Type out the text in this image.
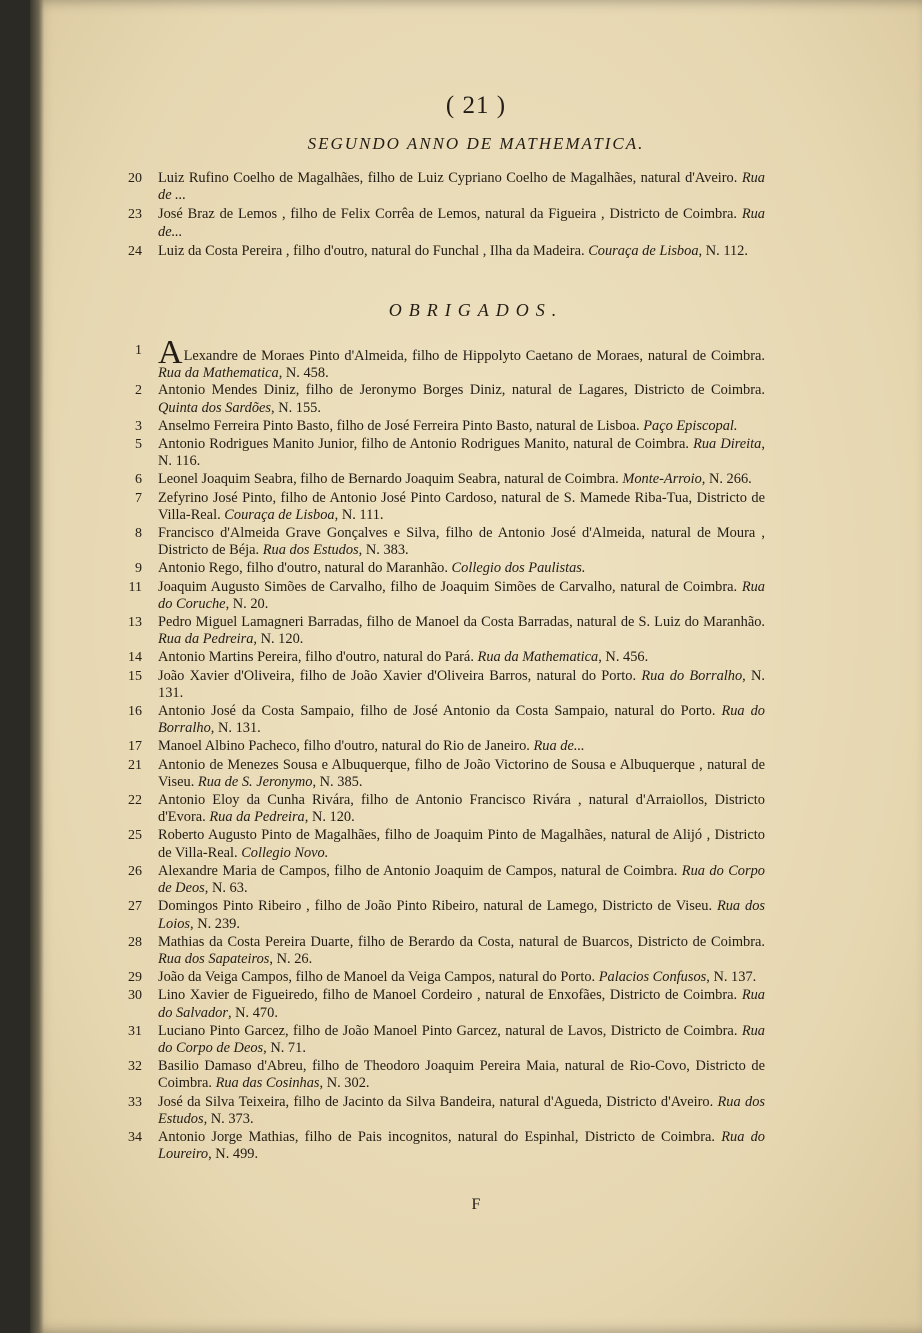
( 21 )
SEGUNDO ANNO DE MATHEMATICA.
20 Luiz Rufino Coelho de Magalhães, filho de Luiz Cypriano Coelho de Magalhães, natural d'Aveiro. Rua de ...
23 José Braz de Lemos , filho de Felix Corrêa de Lemos, natural da Figueira , Districto de Coimbra. Rua de...
24 Luiz da Costa Pereira , filho d'outro, natural do Funchal , Ilha da Madeira. Couraça de Lisboa, N. 112.
OBRIGADOS.
1 ALexandre de Moraes Pinto d'Almeida, filho de Hippolyto Caetano de Moraes, natural de Coimbra. Rua da Mathematica, N. 458.
2 Antonio Mendes Diniz, filho de Jeronymo Borges Diniz, natural de Lagares, Districto de Coimbra. Quinta dos Sardões, N. 155.
3 Anselmo Ferreira Pinto Basto, filho de José Ferreira Pinto Basto, natural de Lisboa. Paço Episcopal.
5 Antonio Rodrigues Manito Junior, filho de Antonio Rodrigues Manito, natural de Coimbra. Rua Direita, N. 116.
6 Leonel Joaquim Seabra, filho de Bernardo Joaquim Seabra, natural de Coimbra. Monte-Arroio, N. 266.
7 Zefyrino José Pinto, filho de Antonio José Pinto Cardoso, natural de S. Mamede Riba-Tua, Districto de Villa-Real. Couraça de Lisboa, N. 111.
8 Francisco d'Almeida Grave Gonçalves e Silva, filho de Antonio José d'Almeida, natural de Moura , Districto de Béja. Rua dos Estudos, N. 383.
9 Antonio Rego, filho d'outro, natural do Maranhão. Collegio dos Paulistas.
11 Joaquim Augusto Simões de Carvalho, filho de Joaquim Simões de Carvalho, natural de Coimbra. Rua do Coruche, N. 20.
13 Pedro Miguel Lamagneri Barradas, filho de Manoel da Costa Barradas, natural de S. Luiz do Maranhão. Rua da Pedreira, N. 120.
14 Antonio Martins Pereira, filho d'outro, natural do Pará. Rua da Mathematica, N. 456.
15 João Xavier d'Oliveira, filho de João Xavier d'Oliveira Barros, natural do Porto. Rua do Borralho, N. 131.
16 Antonio José da Costa Sampaio, filho de José Antonio da Costa Sampaio, natural do Porto. Rua do Borralho, N. 131.
17 Manoel Albino Pacheco, filho d'outro, natural do Rio de Janeiro. Rua de...
21 Antonio de Menezes Sousa e Albuquerque, filho de João Victorino de Sousa e Albuquerque , natural de Viseu. Rua de S. Jeronymo, N. 385.
22 Antonio Eloy da Cunha Rivára, filho de Antonio Francisco Rivára , natural d'Arraiollos, Districto d'Evora. Rua da Pedreira, N. 120.
25 Roberto Augusto Pinto de Magalhães, filho de Joaquim Pinto de Magalhães, natural de Alijó , Districto de Villa-Real. Collegio Novo.
26 Alexandre Maria de Campos, filho de Antonio Joaquim de Campos, natural de Coimbra. Rua do Corpo de Deos, N. 63.
27 Domingos Pinto Ribeiro , filho de João Pinto Ribeiro, natural de Lamego, Districto de Viseu. Rua dos Loios, N. 239.
28 Mathias da Costa Pereira Duarte, filho de Berardo da Costa, natural de Buarcos, Districto de Coimbra. Rua dos Sapateiros, N. 26.
29 João da Veiga Campos, filho de Manoel da Veiga Campos, natural do Porto. Palacios Confusos, N. 137.
30 Lino Xavier de Figueiredo, filho de Manoel Cordeiro , natural de Enxofães, Districto de Coimbra. Rua do Salvador, N. 470.
31 Luciano Pinto Garcez, filho de João Manoel Pinto Garcez, natural de Lavos, Districto de Coimbra. Rua do Corpo de Deos, N. 71.
32 Basilio Damaso d'Abreu, filho de Theodoro Joaquim Pereira Maia, natural de Rio-Covo, Districto de Coimbra. Rua das Cosinhas, N. 302.
33 José da Silva Teixeira, filho de Jacinto da Silva Bandeira, natural d'Agueda, Districto d'Aveiro. Rua dos Estudos, N. 373.
34 Antonio Jorge Mathias, filho de Pais incognitos, natural do Espinhal, Districto de Coimbra. Rua do Loureiro, N. 499.
F
